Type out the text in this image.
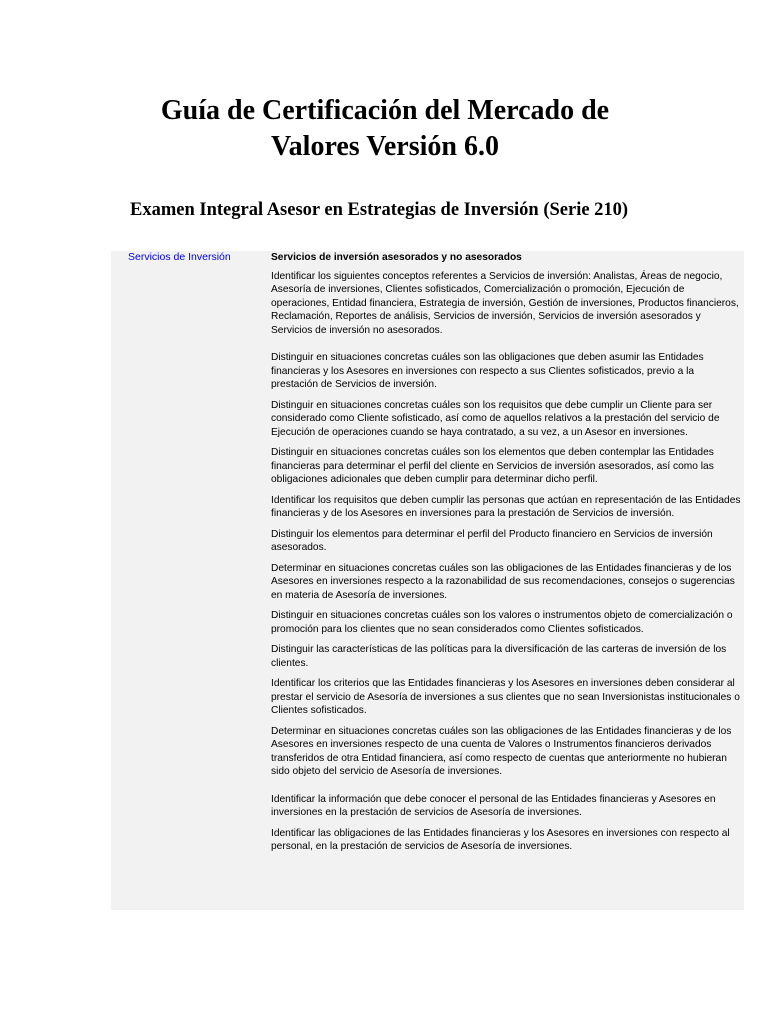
Guía de Certificación del Mercado de Valores Versión 6.0
Examen Integral Asesor en Estrategias de Inversión (Serie 210)
Servicios de Inversión	Servicios de inversión asesorados y no asesorados

Identificar los siguientes conceptos referentes a Servicios de inversión: Analistas, Áreas de negocio, Asesoría de inversiones, Clientes sofisticados, Comercialización o promoción, Ejecución de operaciones, Entidad financiera, Estrategia de inversión, Gestión de inversiones, Productos financieros, Reclamación, Reportes de análisis, Servicios de inversión, Servicios de inversión asesorados y Servicios de inversión no asesorados.

Distinguir en situaciones concretas cuáles son las obligaciones que deben asumir las Entidades financieras y los Asesores en inversiones con respecto a sus Clientes sofisticados, previo a la prestación de Servicios de inversión.

Distinguir en situaciones concretas cuáles son los requisitos que debe cumplir un Cliente para ser considerado como Cliente sofisticado, así como de aquellos relativos a la prestación del servicio de Ejecución de operaciones cuando se haya contratado, a su vez, a un Asesor en inversiones.

Distinguir en situaciones concretas cuáles son los elementos que deben contemplar las Entidades financieras para determinar el perfil del cliente en Servicios de inversión asesorados, así como las obligaciones adicionales que deben cumplir para determinar dicho perfil.

Identificar los requisitos que deben cumplir las personas que actúan en representación de las Entidades financieras y de los Asesores en inversiones para la prestación de Servicios de inversión.

Distinguir los elementos para determinar el perfil del Producto financiero en Servicios de inversión asesorados.

Determinar en situaciones concretas cuáles son las obligaciones de las Entidades financieras y de los Asesores en inversiones respecto a la razonabilidad de sus recomendaciones, consejos o sugerencias en materia de Asesoría de inversiones.

Distinguir en situaciones concretas cuáles son los valores o instrumentos objeto de comercialización o promoción para los clientes que no sean considerados como Clientes sofisticados.

Distinguir las características de las políticas para la diversificación de las carteras de inversión de los clientes.

Identificar los criterios que las Entidades financieras y los Asesores en inversiones deben considerar al prestar el servicio de Asesoría de inversiones a sus clientes que no sean Inversionistas institucionales o Clientes sofisticados.

Determinar en situaciones concretas cuáles son las obligaciones de las Entidades financieras y de los Asesores en inversiones respecto de una cuenta de Valores o Instrumentos financieros derivados transferidos de otra Entidad financiera, así como respecto de cuentas que anteriormente no hubieran sido objeto del servicio de Asesoría de inversiones.

Identificar la información que debe conocer el personal de las Entidades financieras y Asesores en inversiones en la prestación de servicios de Asesoría de inversiones.

Identificar las obligaciones de las Entidades financieras y los Asesores en inversiones con respecto al personal, en la prestación de servicios de Asesoría de inversiones.
